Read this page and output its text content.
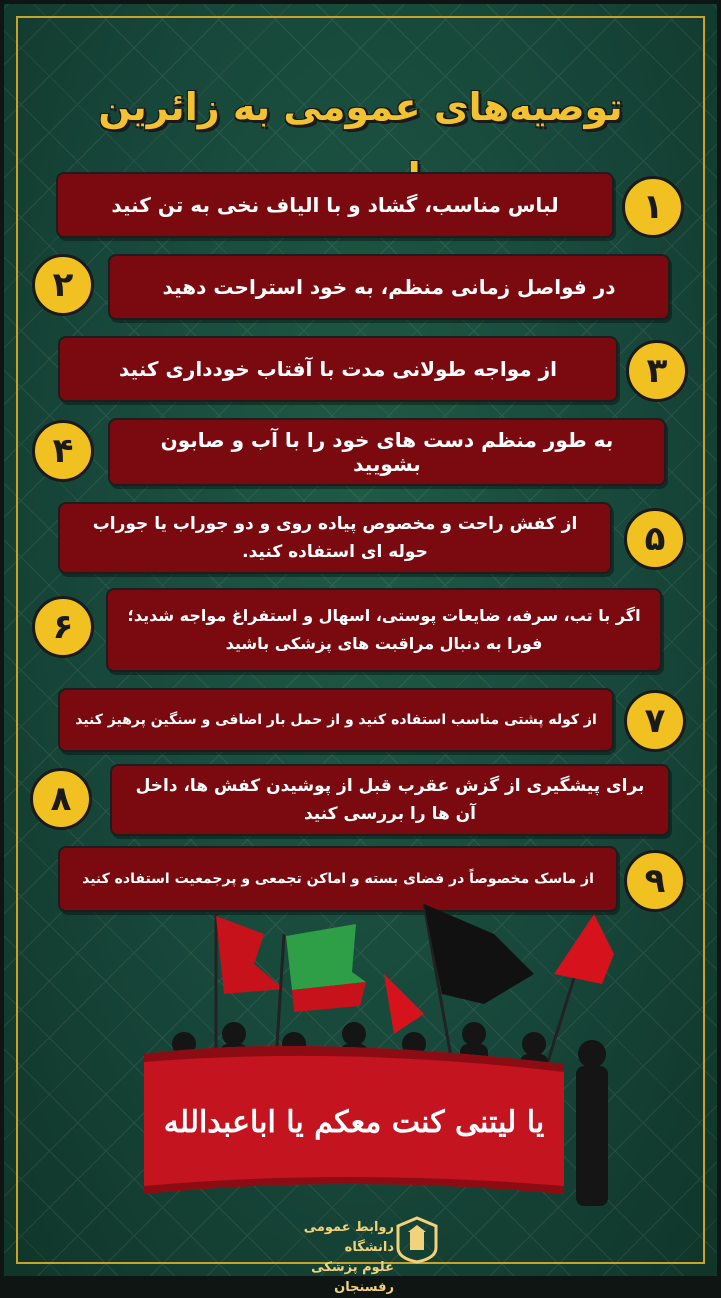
توصیه‌های عمومی به زائرین
لباس مناسب، گشاد و با الیاف نخی به تن کنید	۱
۲	در فواصل زمانی منظم، به خود استراحت دهید
از مواجه طولانی مدت با آفتاب خودداری کنید	۳
۴	به طور منظم دست های خود را با آب و صابون بشویید
از کفش راحت و مخصوص پیاده روی و دو جوراب یا جوراب حوله ای استفاده کنید.	۵
۶	اگر با تب، سرفه، ضایعات پوستی، اسهال و استفراغ مواجه شدید؛ فورا به دنبال مراقبت های پزشکی باشید
از کوله پشتی مناسب استفاده کنید و از حمل بار اضافی و سنگین پرهیز کنید	۷
۸	برای پیشگیری از گزش عقرب قبل از پوشیدن کفش ها، داخل آن ها را بررسی کنید
از ماسک مخصوصاً در فضای بسته و اماکن تجمعی و پرجمعیت استفاده کنید	۹
یا لیتنی کنت معکم یا اباعبدالله
روابط عمومی دانشگاه
علوم پزشکی رفسنجان
